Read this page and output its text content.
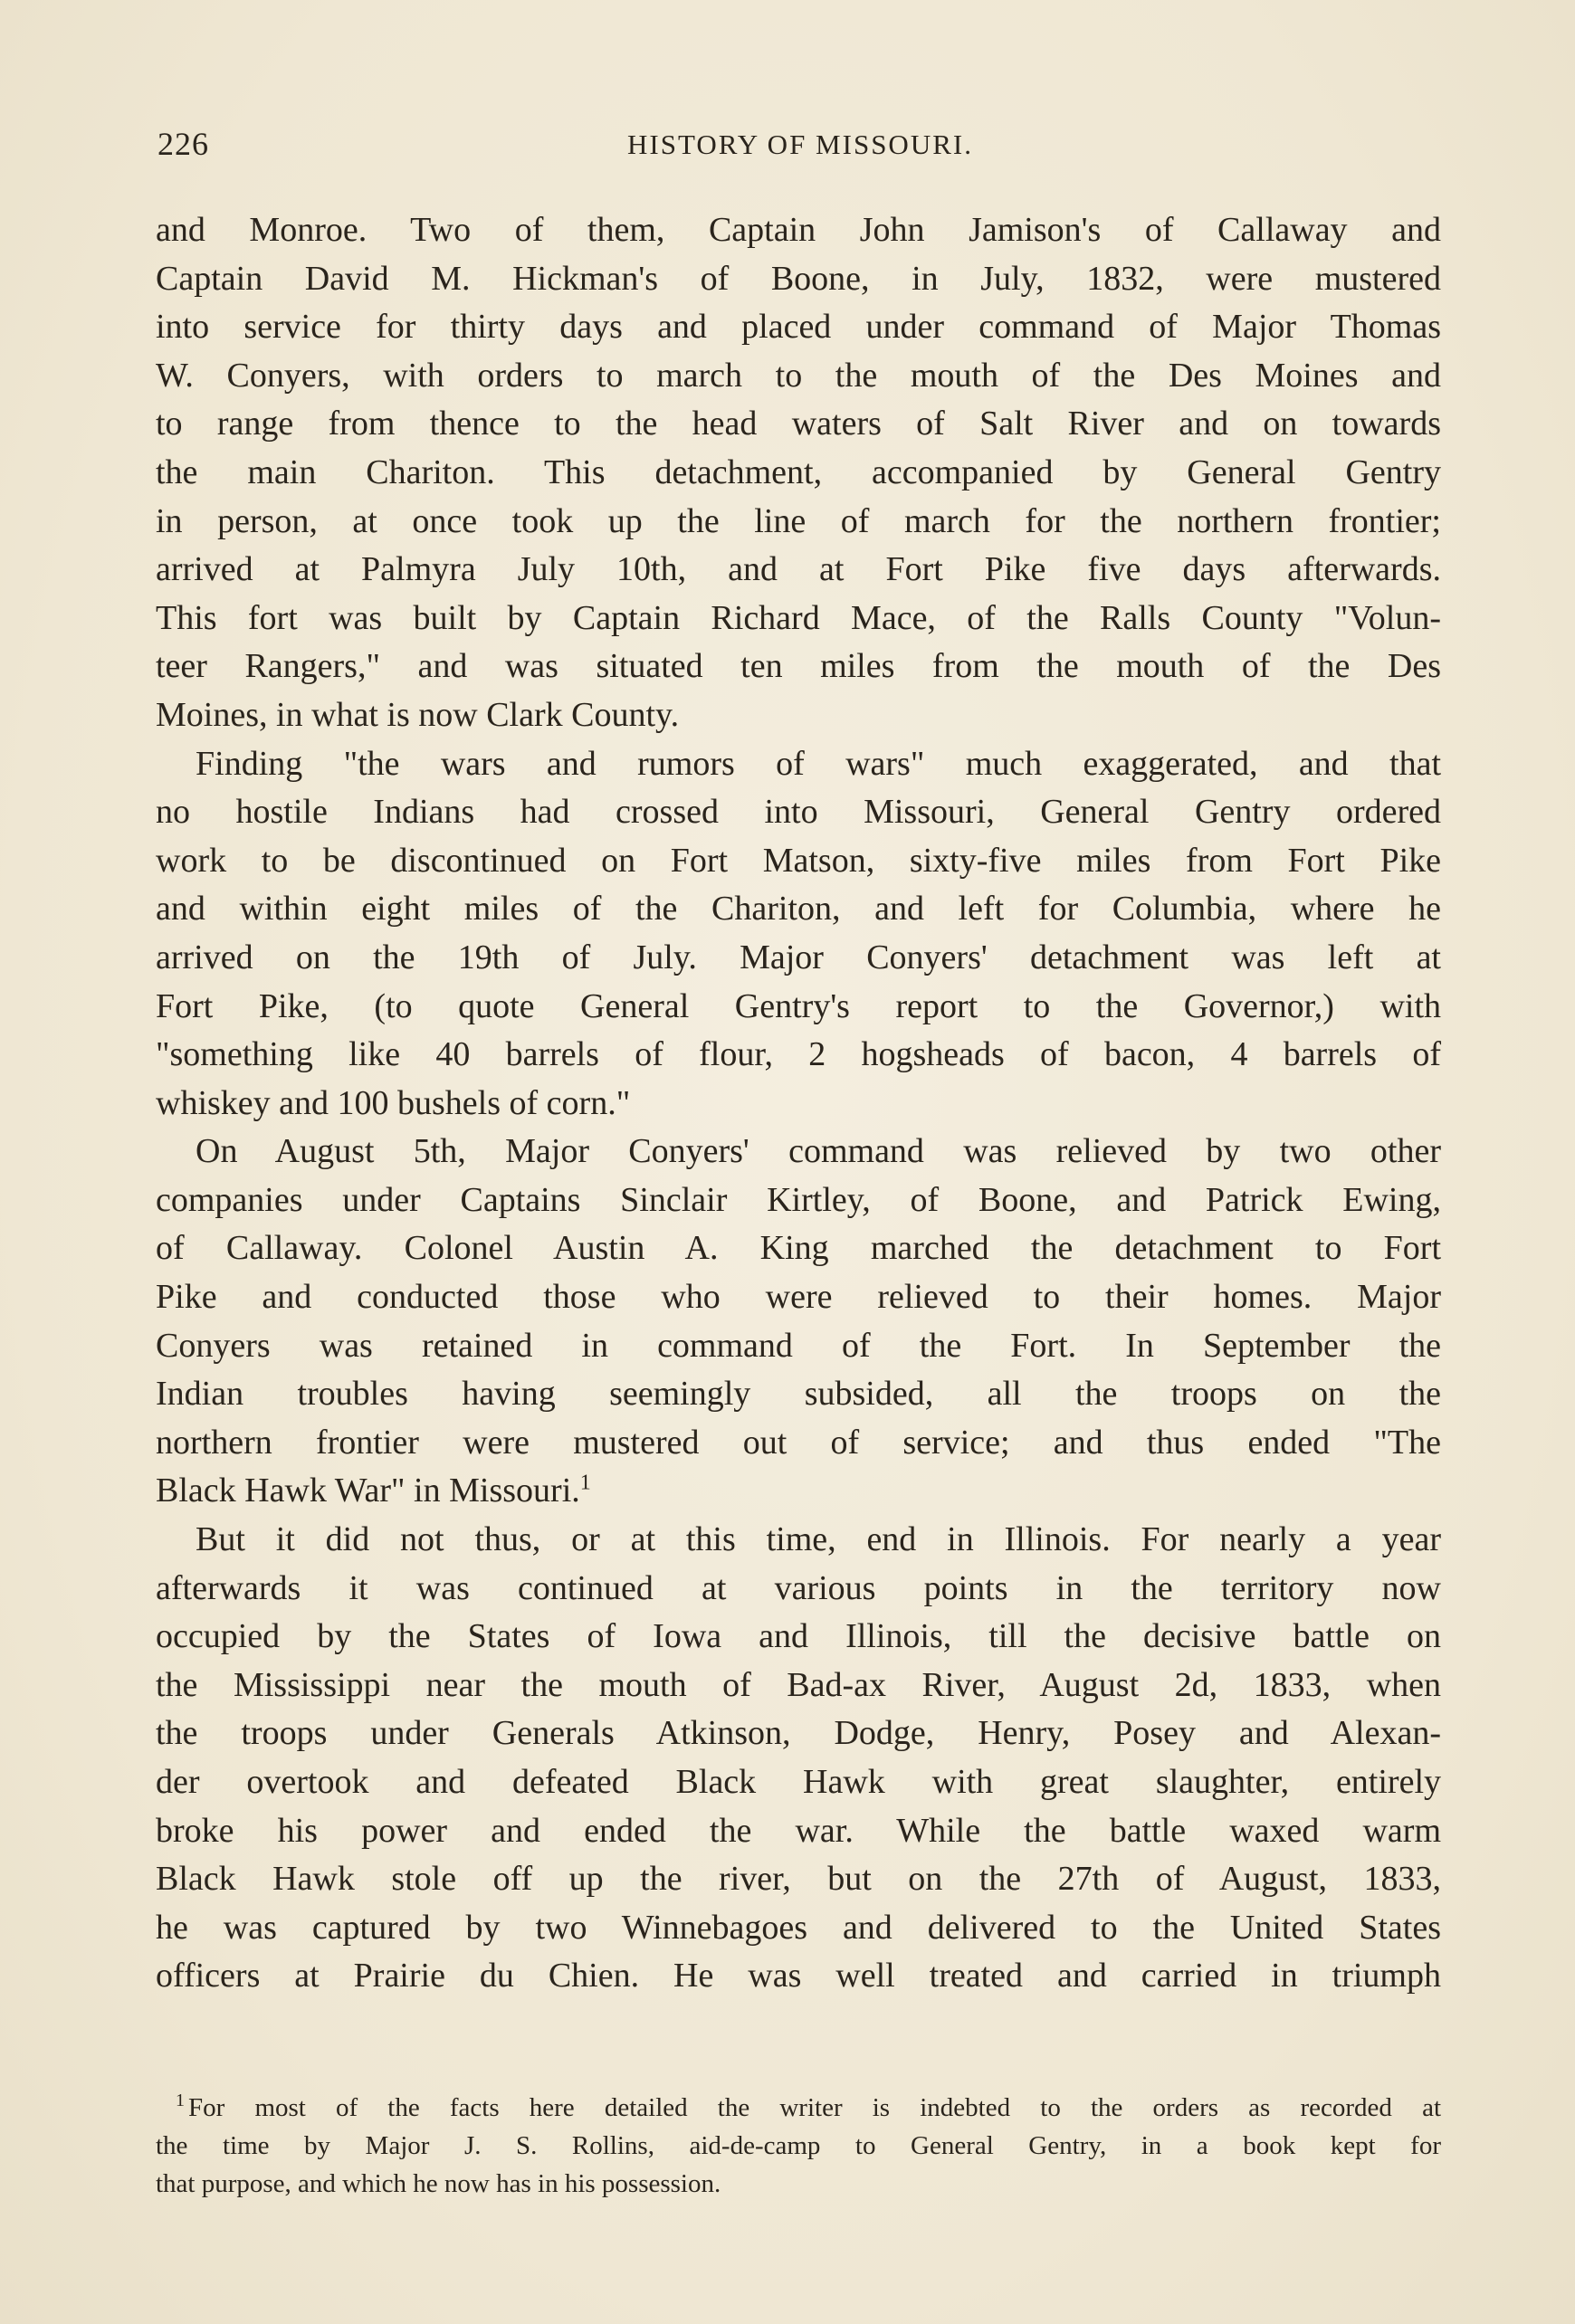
226	HISTORY OF MISSOURI.
and Monroe. Two of them, Captain John Jamison's of Callaway and
Captain David M. Hickman's of Boone, in July, 1832, were mustered
into service for thirty days and placed under command of Major Thomas
W. Conyers, with orders to march to the mouth of the Des Moines and
to range from thence to the head waters of Salt River and on towards
the main Chariton. This detachment, accompanied by General Gentry
in person, at once took up the line of march for the northern frontier;
arrived at Palmyra July 10th, and at Fort Pike five days afterwards.
This fort was built by Captain Richard Mace, of the Ralls County "Volun-
teer Rangers," and was situated ten miles from the mouth of the Des
Moines, in what is now Clark County.
Finding "the wars and rumors of wars" much exaggerated, and that
no hostile Indians had crossed into Missouri, General Gentry ordered
work to be discontinued on Fort Matson, sixty-five miles from Fort Pike
and within eight miles of the Chariton, and left for Columbia, where he
arrived on the 19th of July. Major Conyers' detachment was left at
Fort Pike, (to quote General Gentry's report to the Governor,) with
"something like 40 barrels of flour, 2 hogsheads of bacon, 4 barrels of
whiskey and 100 bushels of corn."
On August 5th, Major Conyers' command was relieved by two other
companies under Captains Sinclair Kirtley, of Boone, and Patrick Ewing,
of Callaway. Colonel Austin A. King marched the detachment to Fort
Pike and conducted those who were relieved to their homes. Major
Conyers was retained in command of the Fort. In September the
Indian troubles having seemingly subsided, all the troops on the
northern frontier were mustered out of service; and thus ended "The
Black Hawk War" in Missouri.$^1$
But it did not thus, or at this time, end in Illinois. For nearly a year
afterwards it was continued at various points in the territory now
occupied by the States of Iowa and Illinois, till the decisive battle on
the Mississippi near the mouth of Bad-ax River, August 2d, 1833, when
the troops under Generals Atkinson, Dodge, Henry, Posey and Alexan-
der overtook and defeated Black Hawk with great slaughter, entirely
broke his power and ended the war. While the battle waxed warm
Black Hawk stole off up the river, but on the 27th of August, 1833,
he was captured by two Winnebagoes and delivered to the United States
officers at Prairie du Chien. He was well treated and carried in triumph
$^1$ For most of the facts here detailed the writer is indebted to the orders as recorded at
the time by Major J. S. Rollins, aid-de-camp to General Gentry, in a book kept for
that purpose, and which he now has in his possession.
